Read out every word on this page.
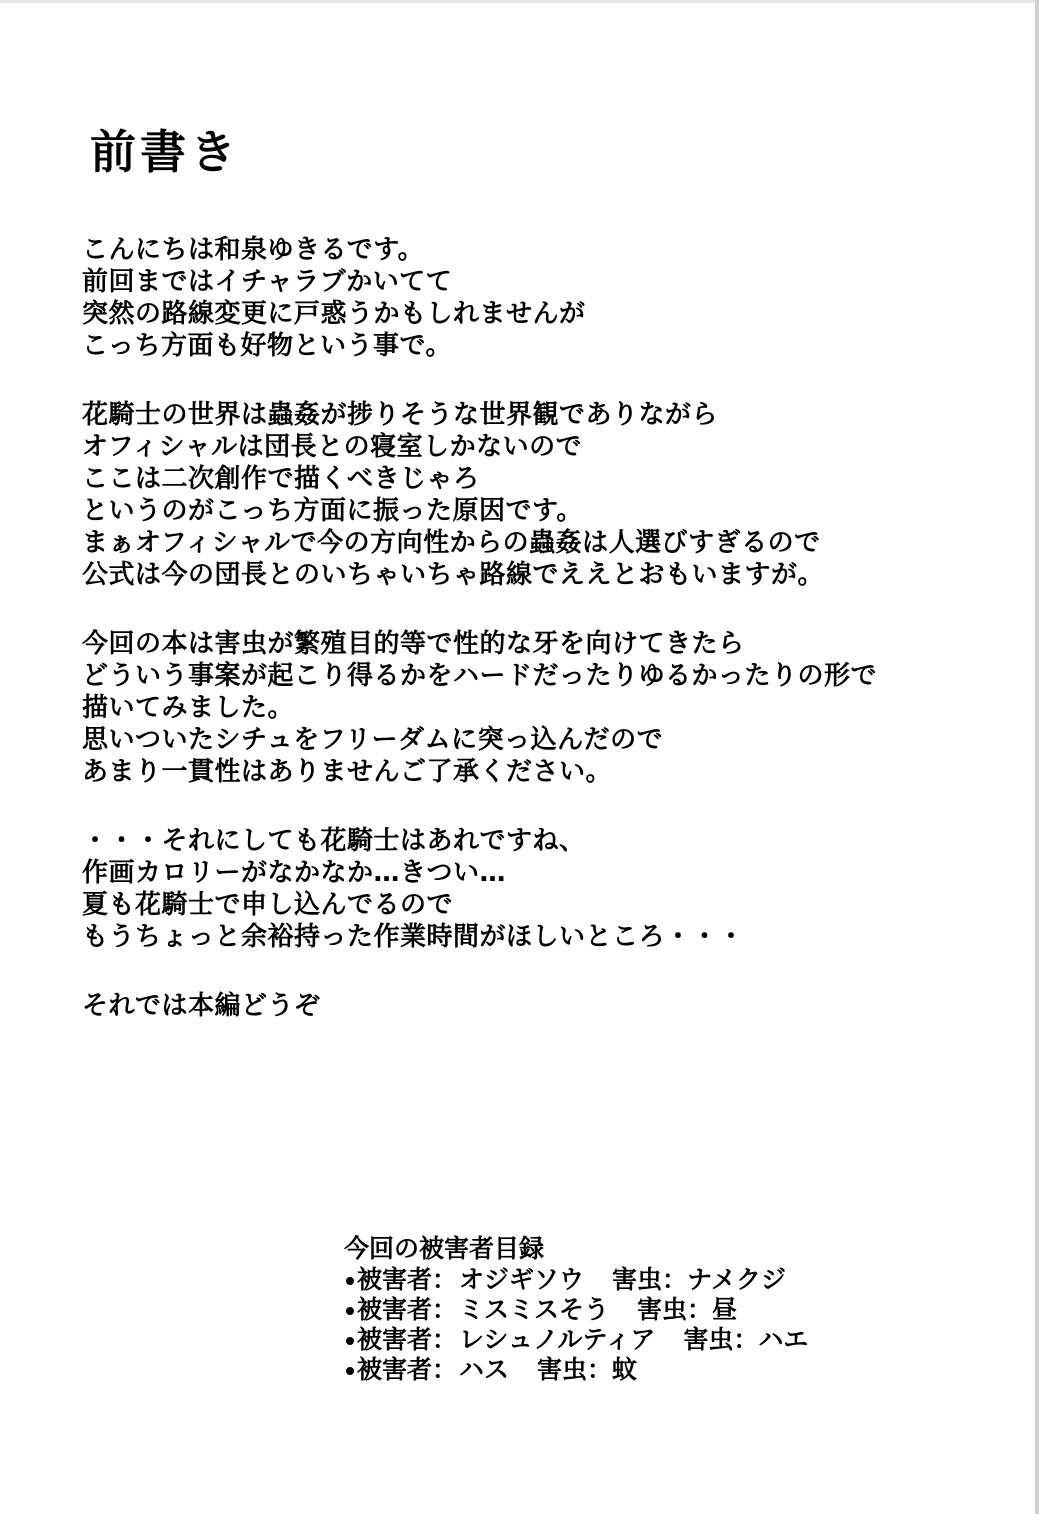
前書き
こんにちは和泉ゆきるです。
前回まではイチャラブかいてて
突然の路線変更に戸惑うかもしれませんが
こっち方面も好物という事で。
花騎士の世界は蟲姦が捗りそうな世界観でありながら
オフィシャルは団長との寝室しかないので
ここは二次創作で描くべきじゃろ
というのがこっち方面に振った原因です。
まぁオフィシャルで今の方向性からの蟲姦は人選びすぎるので
公式は今の団長とのいちゃいちゃ路線でええとおもいますが。
今回の本は害虫が繁殖目的等で性的な牙を向けてきたら
どういう事案が起こり得るかをハードだったりゆるかったりの形で
描いてみました。
思いついたシチュをフリーダムに突っ込んだので
あまり一貫性はありませんご了承ください。
・・・それにしても花騎士はあれですね、
作画カロリーがなかなか…きつい…
夏も花騎士で申し込んでるので
もうちょっと余裕持った作業時間がほしいところ・・・
それでは本編どうぞ
今回の被害者目録
被害者：オジギソウ 害虫：ナメクジ
被害者：ミスミスそう 害虫：昼
被害者：レシュノルティア 害虫：ハエ
被害者：ハス 害虫：蚊
